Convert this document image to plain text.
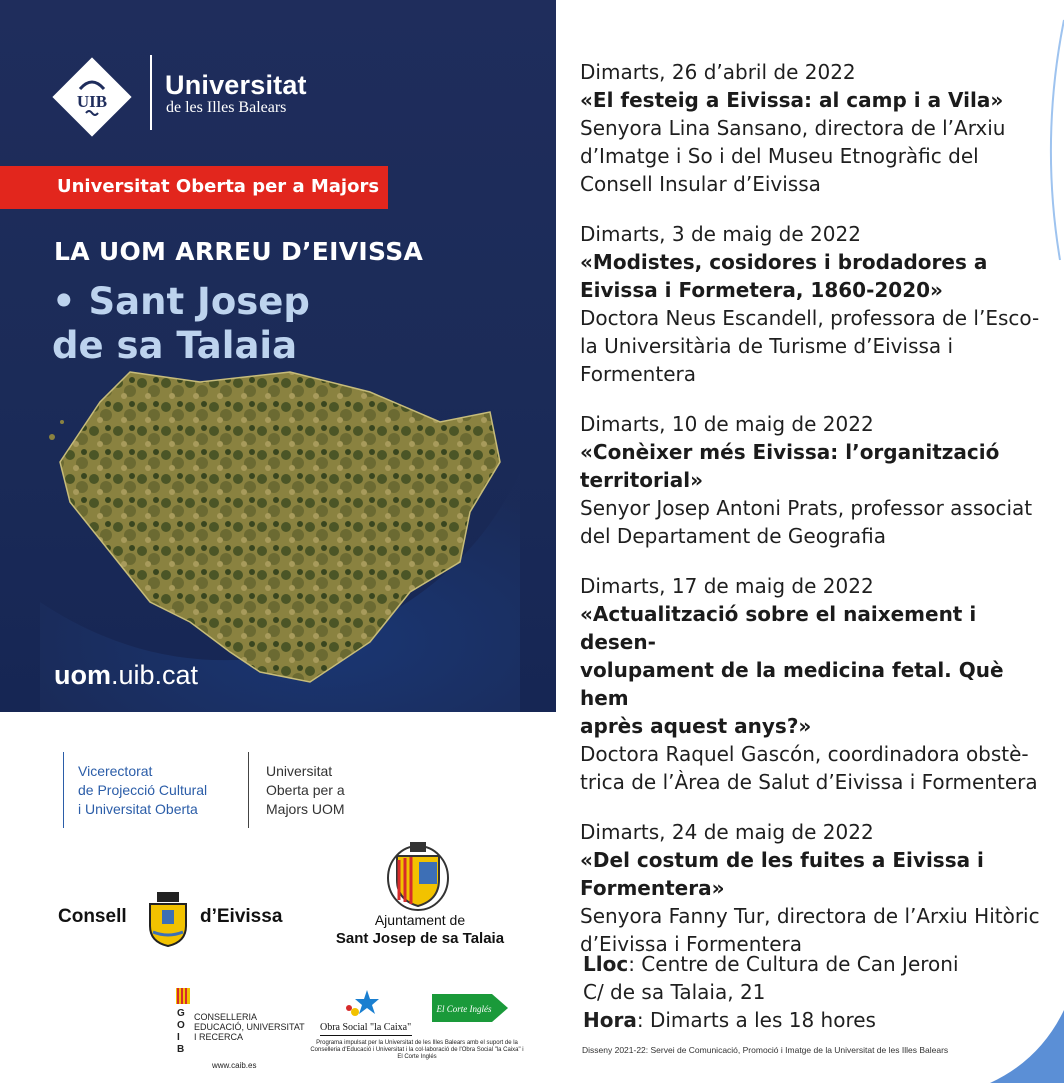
UIB
Universitat
de les Illes Balears
Universitat Oberta per a Majors
LA UOM ARREU D’EIVISSA
• Sant Josep
de sa Talaia
uom.uib.cat
Vicerectorat
de Projecció Cultural
i Universitat Oberta
Universitat
Oberta per a
Majors UOM
Consell	d’Eivissa	Ajuntament de
Sant Josep de sa Talaia
G
O
I
B
CONSELLERIA
EDUCACIÓ, UNIVERSITAT
I RECERCA
www.caib.es
Obra Social "la Caixa"
El Corte Inglés
Programa impulsat per la Universitat de les Illes Balears amb el suport de la Conselleria d'Educació i Universitat i la col·laboració de l'Obra Social "la Caixa" i El Corte Inglés
Dimarts, 26 d’abril de 2022
«El festeig a Eivissa: al camp i a Vila»
Senyora Lina Sansano, directora de l’Arxiu
d’Imatge i So i del Museu Etnogràfic del
Consell Insular d’Eivissa
Dimarts, 3 de maig de 2022
«Modistes, cosidores i brodadores a
Eivissa i Formetera, 1860-2020»
Doctora Neus Escandell, professora de l’Esco-
la Universitària de Turisme d’Eivissa i
Formentera
Dimarts, 10 de maig de 2022
«Conèixer més Eivissa: l’organització
territorial»
Senyor Josep Antoni Prats, professor associat
del Departament de Geografia
Dimarts, 17 de maig de 2022
«Actualització sobre el naixement i desen-
volupament de la medicina fetal. Què hem
après aquest anys?»
Doctora Raquel Gascón, coordinadora obstè-
trica de l’Àrea de Salut d’Eivissa i Formentera
Dimarts, 24 de maig de 2022
«Del costum de les fuites a Eivissa i
Formentera»
Senyora Fanny Tur, directora de l’Arxiu Hitòric
d’Eivissa i Formentera
Lloc: Centre de Cultura de Can Jeroni
C/ de sa Talaia, 21
Hora: Dimarts a les 18 hores
Disseny 2021-22: Servei de Comunicació, Promoció i Imatge de la Universitat de les Illes Balears
